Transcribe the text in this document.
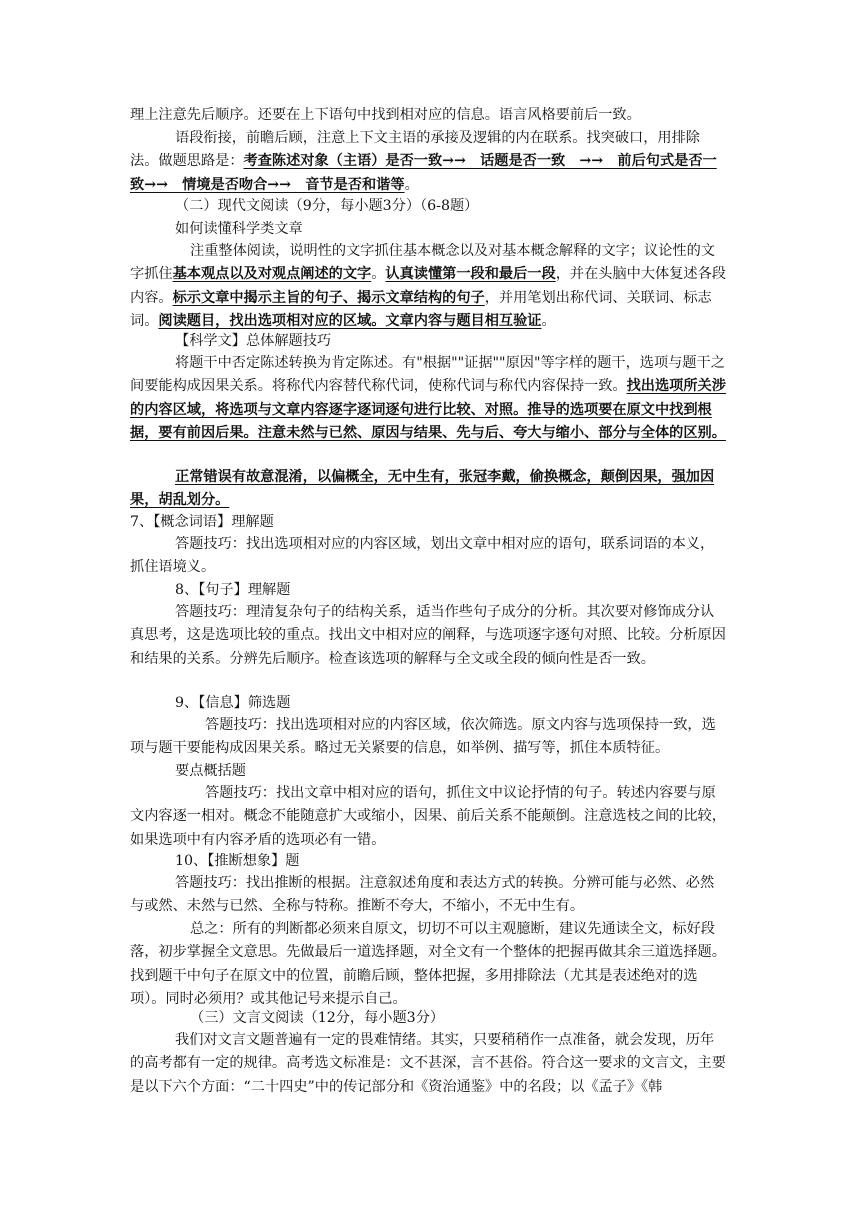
理上注意先后顺序。还要在上下语句中找到相对应的信息。语言风格要前后一致。
语段衔接，前瞻后顾，注意上下文主语的承接及逻辑的内在联系。找突破口，用排除法。做题思路是：考查陈述对象（主语）是否一致→→　话题是否一致　→→　前后句式是否一致→→　情境是否吻合→→　音节是否和谐等。
（二）现代文阅读（9分，每小题3分）（6-8题）
如何读懂科学类文章
注重整体阅读，说明性的文字抓住基本概念以及对基本概念解释的文字；议论性的文字抓住基本观点以及对观点阐述的文字。认真读懂第一段和最后一段，并在头脑中大体复述各段内容。标示文章中揭示主旨的句子、揭示文章结构的句子，并用笔划出称代词、关联词、标志词。阅读题目，找出选项相对应的区域。文章内容与题目相互验证。
【科学文】总体解题技巧
将题干中否定陈述转换为肯定陈述。有"根据""证据""原因"等字样的题干，选项与题干之间要能构成因果关系。将称代内容替代称代词，使称代词与称代内容保持一致。找出选项所关涉的内容区域，将选项与文章内容逐字逐词逐句进行比较、对照。推导的选项要在原文中找到根据，要有前因后果。注意未然与已然、原因与结果、先与后、夸大与缩小、部分与全体的区别。
正常错误有故意混淆，以偏概全，无中生有，张冠李戴，偷换概念，颠倒因果，强加因果，胡乱划分。
7、【概念词语】理解题
答题技巧：找出选项相对应的内容区域，划出文章中相对应的语句，联系词语的本义，抓住语境义。
8、【句子】理解题
答题技巧：理清复杂句子的结构关系，适当作些句子成分的分析。其次要对修饰成分认真思考，这是选项比较的重点。找出文中相对应的阐释，与选项逐字逐句对照、比较。分析原因和结果的关系。分辨先后顺序。检查该选项的解释与全文或全段的倾向性是否一致。
9、【信息】筛选题
答题技巧：找出选项相对应的内容区域，依次筛选。原文内容与选项保持一致，选项与题干要能构成因果关系。略过无关紧要的信息，如举例、描写等，抓住本质特征。
要点概括题
答题技巧：找出文章中相对应的语句，抓住文中议论抒情的句子。转述内容要与原文内容逐一相对。概念不能随意扩大或缩小，因果、前后关系不能颠倒。注意选枝之间的比较，如果选项中有内容矛盾的选项必有一错。
10、【推断想象】题
答题技巧：找出推断的根据。注意叙述角度和表达方式的转换。分辨可能与必然、必然与或然、未然与已然、全称与特称。推断不夸大，不缩小，不无中生有。
总之：所有的判断都必须来自原文，切切不可以主观臆断，建议先通读全文，标好段落，初步掌握全文意思。先做最后一道选择题，对全文有一个整体的把握再做其余三道选择题。找到题干中句子在原文中的位置，前瞻后顾，整体把握，多用排除法（尤其是表述绝对的选项）。同时必须用？或其他记号来提示自己。
（三）文言文阅读（12分，每小题3分）
我们对文言文题普遍有一定的畏难情绪。其实，只要稍稍作一点准备，就会发现，历年的高考都有一定的规律。高考选文标准是：文不甚深，言不甚俗。符合这一要求的文言文，主要是以下六个方面：“二十四史”中的传记部分和《资治通鉴》中的名段；以《孟子》《韩
